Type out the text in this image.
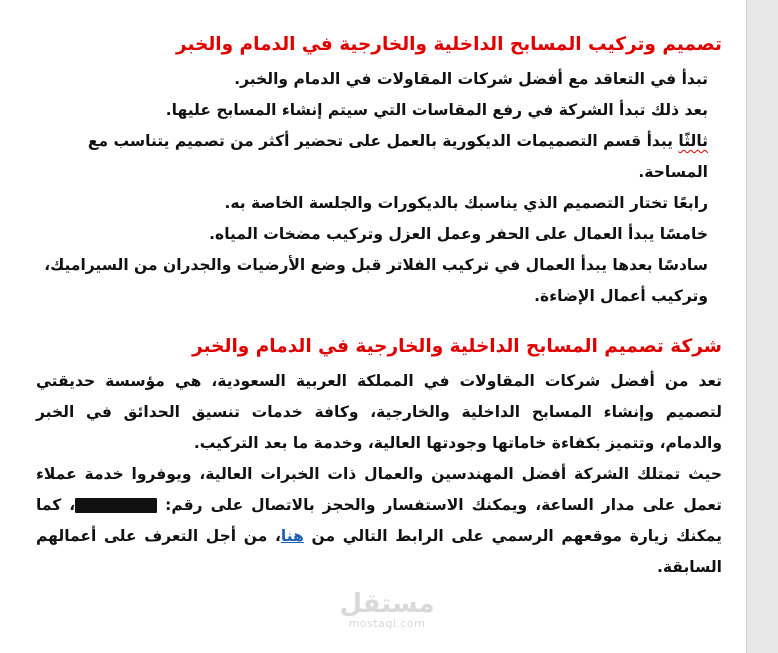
تصميم وتركيب المسابح الداخلية والخارجية في الدمام والخبر

تبدأ في التعاقد مع أفضل شركات المقاولات في الدمام والخبر.

بعد ذلك تبدأ الشركة في رفع المقاسات التي سيتم إنشاء المسابح عليها.

ثالثًا يبدأ قسم التصميمات الديكورية بالعمل على تحضير أكثر من تصميم يتناسب مع المساحة.

رابعًا تختار التصميم الذي يناسبك بالديكورات والجلسة الخاصة به.

خامسًا يبدأ العمال على الحفر وعمل العزل وتركيب مضخات المياه.

سادسًا بعدها يبدأ العمال في تركيب الفلاتر قبل وضع الأرضيات والجدران من السيراميك، وتركيب أعمال الإضاءة.

شركة تصميم المسابح الداخلية والخارجية في الدمام والخبر

تعد من أفضل شركات المقاولات في المملكة العربية السعودية، هي مؤسسة حديقتي لتصميم وإنشاء المسابح الداخلية والخارجية، وكافة خدمات تنسيق الحدائق في الخبر والدمام، وتتميز بكفاءة خاماتها وجودتها العالية، وخدمة ما بعد التركيب.

حيث تمتلك الشركة أفضل المهندسين والعمال ذات الخبرات العالية، ويوفروا خدمة عملاء تعمل على مدار الساعة، ويمكنك الاستفسار والحجز بالاتصال على رقم: ، كما يمكنك زيارة موقعهم الرسمي على الرابط التالي من هنا، من أجل التعرف على أعمالهم السابقة.

مستقل
mostaql.com
